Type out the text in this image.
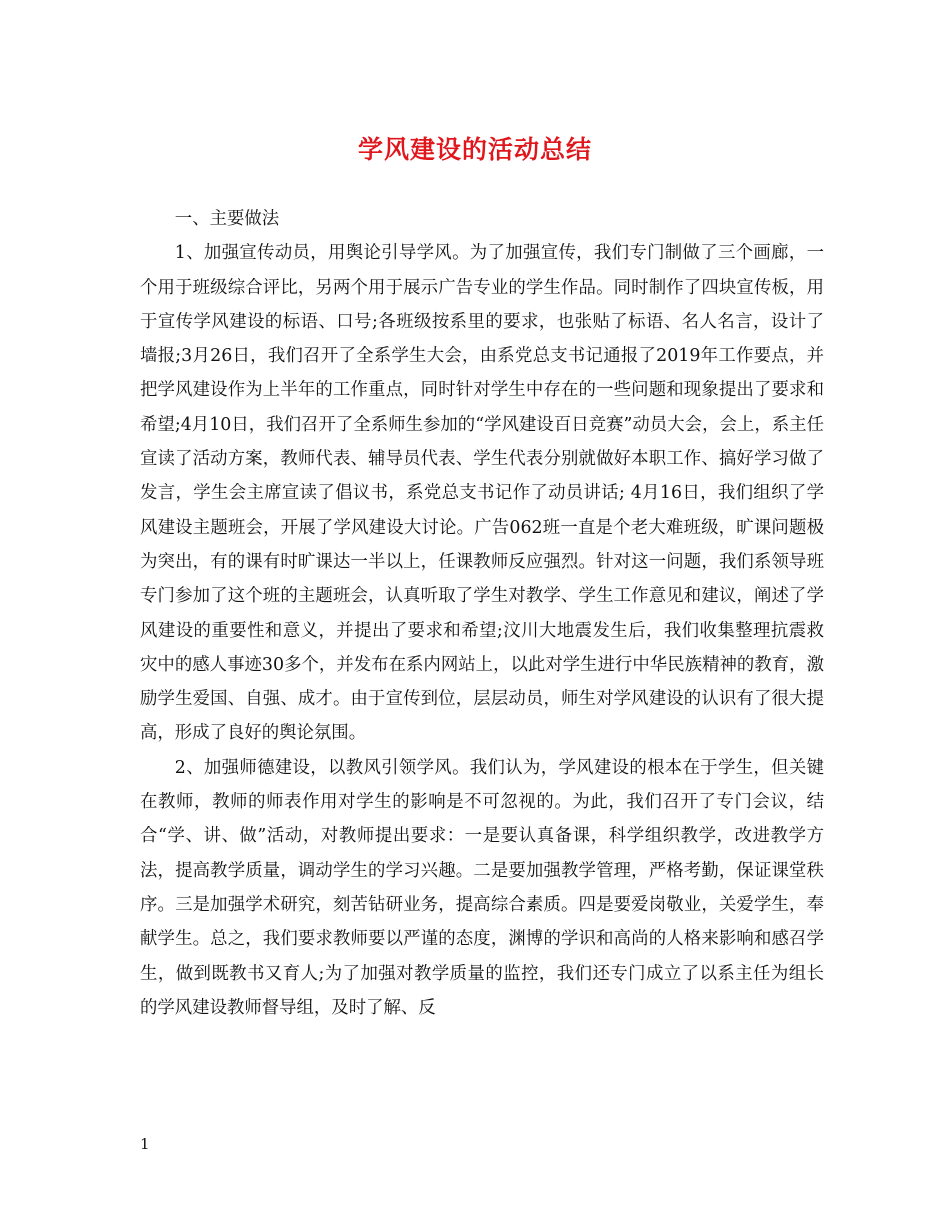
学风建设的活动总结

一、主要做法

1、加强宣传动员，用舆论引导学风。为了加强宣传，我们专门制做了三个画廊，一个用于班级综合评比，另两个用于展示广告专业的学生作品。同时制作了四块宣传板，用于宣传学风建设的标语、口号;各班级按系里的要求，也张贴了标语、名人名言，设计了墙报;3月26日，我们召开了全系学生大会，由系党总支书记通报了2019年工作要点，并把学风建设作为上半年的工作重点，同时针对学生中存在的一些问题和现象提出了要求和希望;4月10日，我们召开了全系师生参加的“学风建设百日竞赛”动员大会，会上，系主任宣读了活动方案，教师代表、辅导员代表、学生代表分别就做好本职工作、搞好学习做了发言，学生会主席宣读了倡议书，系党总支书记作了动员讲话; 4月16日，我们组织了学风建设主题班会，开展了学风建设大讨论。广告062班一直是个老大难班级，旷课问题极为突出，有的课有时旷课达一半以上，任课教师反应强烈。针对这一问题，我们系领导班专门参加了这个班的主题班会，认真听取了学生对教学、学生工作意见和建议，阐述了学风建设的重要性和意义，并提出了要求和希望;汶川大地震发生后，我们收集整理抗震救灾中的感人事迹30多个，并发布在系内网站上，以此对学生进行中华民族精神的教育，激励学生爱国、自强、成才。由于宣传到位，层层动员，师生对学风建设的认识有了很大提高，形成了良好的舆论氛围。

2、加强师德建设，以教风引领学风。我们认为，学风建设的根本在于学生，但关键在教师，教师的师表作用对学生的影响是不可忽视的。为此，我们召开了专门会议，结合“学、讲、做”活动，对教师提出要求：一是要认真备课，科学组织教学，改进教学方法，提高教学质量，调动学生的学习兴趣。二是要加强教学管理，严格考勤，保证课堂秩序。三是加强学术研究，刻苦钻研业务，提高综合素质。四是要爱岗敬业，关爱学生，奉献学生。总之，我们要求教师要以严谨的态度，渊博的学识和高尚的人格来影响和感召学生，做到既教书又育人;为了加强对教学质量的监控，我们还专门成立了以系主任为组长的学风建设教师督导组，及时了解、反

1
